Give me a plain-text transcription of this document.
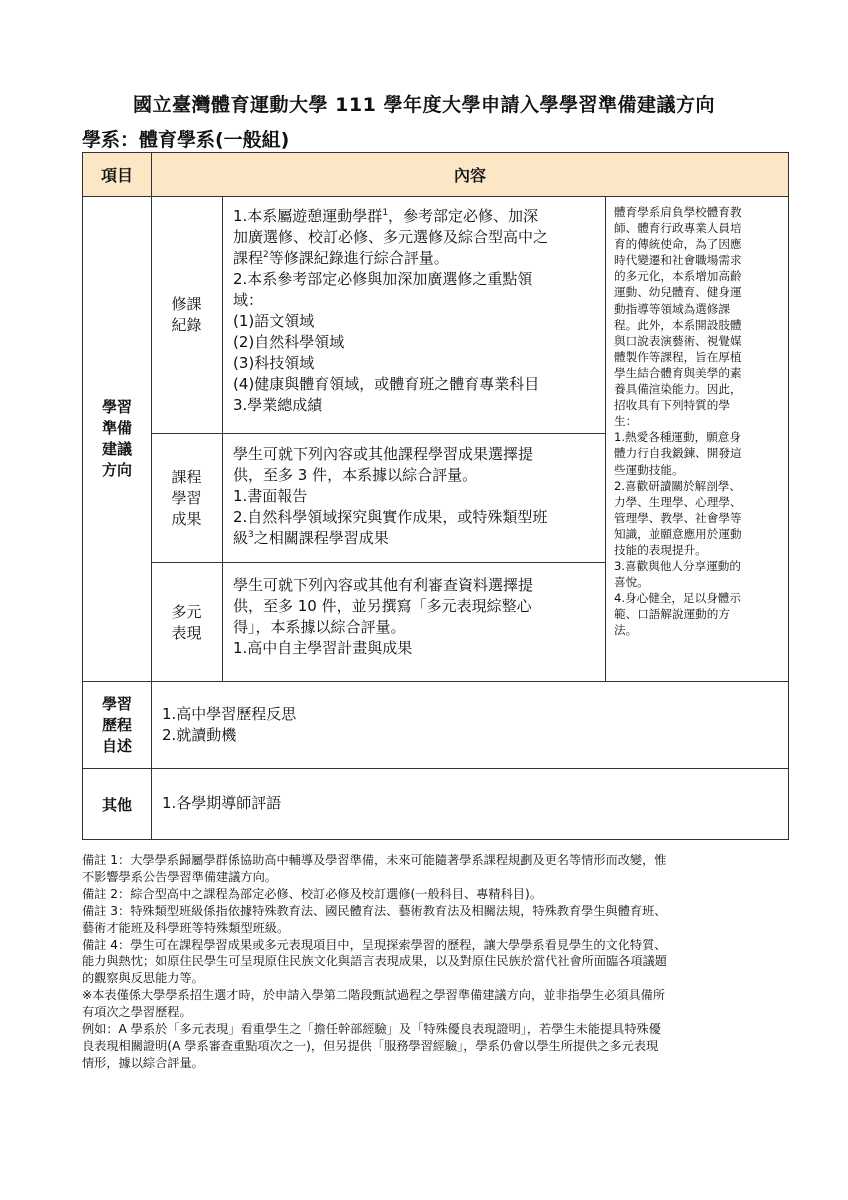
國立臺灣體育運動大學 111 學年度大學申請入學學習準備建議方向
學系：體育學系(一般組)
項目	內容
學習
準備
建議
方向
修課
紀錄
1.本系屬遊憩運動學群$^1$，參考部定必修、加深
加廣選修、校訂必修、多元選修及綜合型高中之
課程$^2$等修課紀錄進行綜合評量。
2.本系參考部定必修與加深加廣選修之重點領
域：
(1)語文領域
(2)自然科學領域
(3)科技領域
(4)健康與體育領域，或體育班之體育專業科目
3.學業總成績
課程
學習
成果
學生可就下列內容或其他課程學習成果選擇提
供，至多 3 件，本系據以綜合評量。
1.書面報告
2.自然科學領域探究與實作成果，或特殊類型班
級$^3$之相關課程學習成果
多元
表現
學生可就下列內容或其他有利審查資料選擇提
供，至多 10 件，並另撰寫「多元表現綜整心
得」，本系據以綜合評量。
1.高中自主學習計畫與成果
體育學系肩負學校體育教
師、體育行政專業人員培
育的傳統使命，為了因應
時代變遷和社會職場需求
的多元化，本系增加高齡
運動、幼兒體育、健身運
動指導等領域為選修課
程。此外，本系開設肢體
與口說表演藝術、視覺媒
體製作等課程，旨在厚植
學生結合體育與美學的素
養具備渲染能力。因此，
招收具有下列特質的學
生：
1.熱愛各種運動，願意身
體力行自我鍛鍊、開發這
些運動技能。
2.喜歡研讀關於解剖學、
力學、生理學、心理學、
管理學、教學、社會學等
知識，並願意應用於運動
技能的表現提升。
3.喜歡與他人分享運動的
喜悅。
4.身心健全，足以身體示
範、口語解說運動的方
法。
學習
歷程
自述
1.高中學習歷程反思
2.就讀動機
其他 1.各學期導師評語

備註 1：大學學系歸屬學群係協助高中輔導及學習準備，未來可能隨著學系課程規劃及更名等情形而改變，惟

不影響學系公告學習準備建議方向。

備註 2：綜合型高中之課程為部定必修、校訂必修及校訂選修(一般科目、專精科目)。

備註 3：特殊類型班級係指依據特殊教育法、國民體育法、藝術教育法及相關法規，特殊教育學生與體育班、

藝術才能班及科學班等特殊類型班級。

備註 4：學生可在課程學習成果或多元表現項目中，呈現探索學習的歷程，讓大學學系看見學生的文化特質、

能力與熱忱；如原住民學生可呈現原住民族文化與語言表現成果，以及對原住民族於當代社會所面臨各項議題

的觀察與反思能力等。

※本表僅係大學學系招生選才時，於申請入學第二階段甄試過程之學習準備建議方向，並非指學生必須具備所

有項次之學習歷程。

例如：A 學系於「多元表現」看重學生之「擔任幹部經驗」及「特殊優良表現證明」，若學生未能提具特殊優

良表現相關證明(A 學系審查重點項次之一)，但另提供「服務學習經驗」，學系仍會以學生所提供之多元表現

情形，據以綜合評量。
